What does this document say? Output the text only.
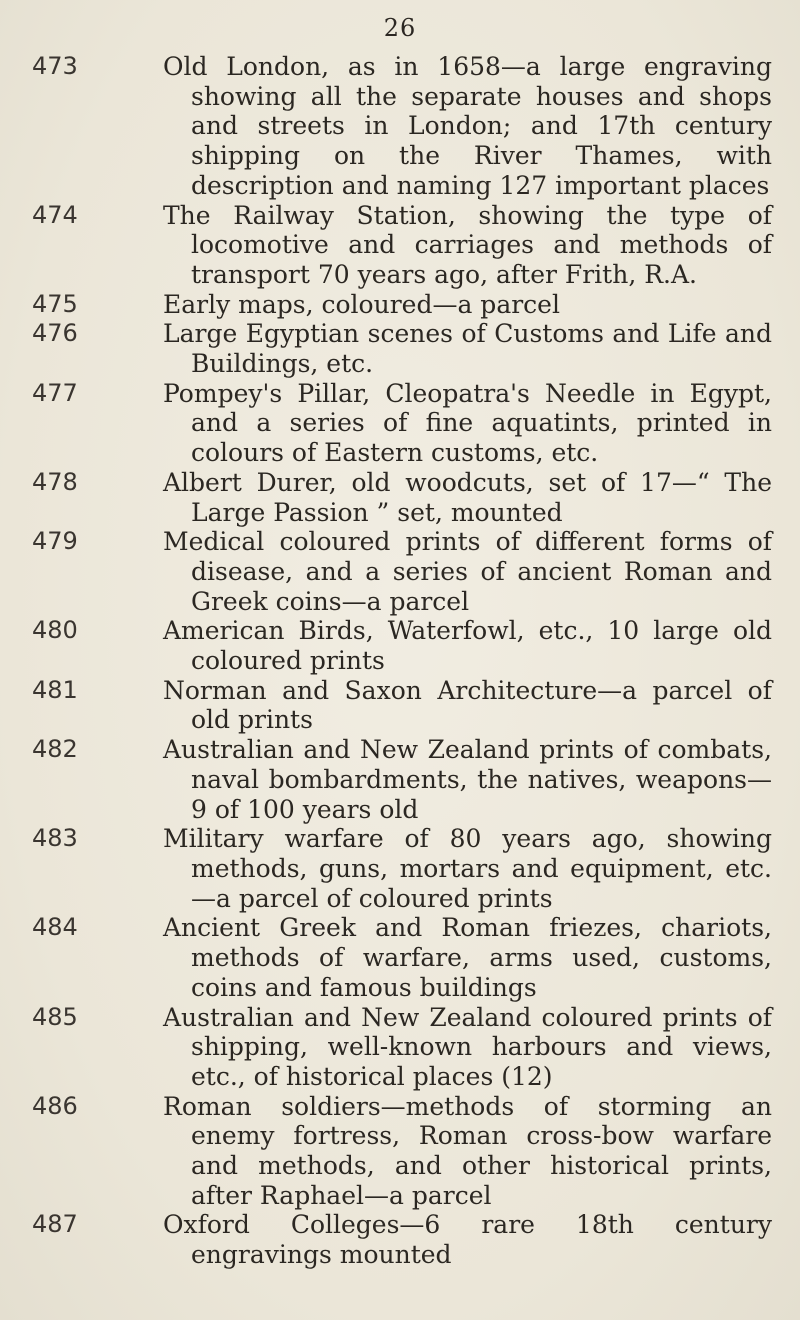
26
473	Old London, as in 1658—a large engraving showing all the separate houses and shops and streets in London; and 17th century shipping on the River Thames, with description and naming 127 important places
474	The Railway Station, showing the type of locomotive and carriages and methods of transport 70 years ago, after Frith, R.A.
475	Early maps, coloured—a parcel
476	Large Egyptian scenes of Customs and Life and Buildings, etc.
477	Pompey's Pillar, Cleopatra's Needle in Egypt, and a series of fine aquatints, printed in colours of Eastern customs, etc.
478	Albert Durer, old woodcuts, set of 17—“ The Large Passion ” set, mounted
479	Medical coloured prints of different forms of disease, and a series of ancient Roman and Greek coins—a parcel
480	American Birds, Waterfowl, etc., 10 large old coloured prints
481	Norman and Saxon Architecture—a parcel of old prints
482	Australian and New Zealand prints of combats, naval bombardments, the natives, weapons—9 of 100 years old
483	Military warfare of 80 years ago, showing methods, guns, mortars and equipment, etc.—a parcel of coloured prints
484	Ancient Greek and Roman friezes, chariots, methods of warfare, arms used, customs, coins and famous buildings
485	Australian and New Zealand coloured prints of shipping, well-known harbours and views, etc., of historical places (12)
486	Roman soldiers—methods of storming an enemy fortress, Roman cross-bow warfare and methods, and other historical prints, after Raphael—a parcel
487	Oxford Colleges—6 rare 18th century engravings mounted
